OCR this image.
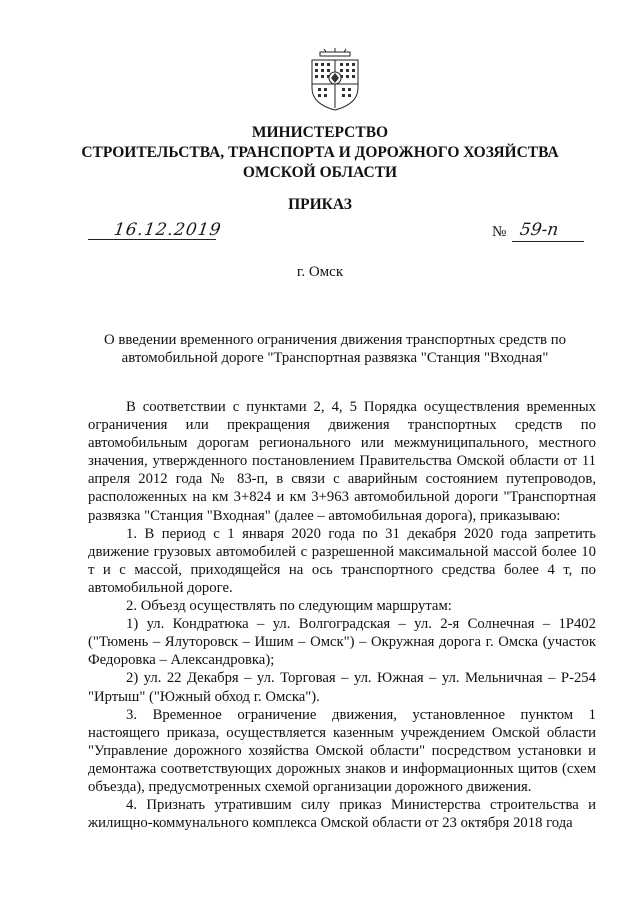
МИНИСТЕРСТВО
СТРОИТЕЛЬСТВА, ТРАНСПОРТА И ДОРОЖНОГО ХОЗЯЙСТВА
ОМСКОЙ ОБЛАСТИ
ПРИКАЗ
16.12.2019	№ 59-п
г. Омск
О введении временного ограничения движения транспортных средств по автомобильной дороге "Транспортная развязка "Станция "Входная"

В соответствии с пунктами 2, 4, 5 Порядка осуществления временных ограничения или прекращения движения транспортных средств по автомобильным дорогам регионального или межмуниципального, местного значения, утвержденного постановлением Правительства Омской области от 11 апреля 2012 года № 83-п, в связи с аварийным состоянием путепроводов, расположенных на км 3+824 и км 3+963 автомобильной дороги "Транспортная развязка "Станция "Входная" (далее – автомобильная дорога), приказываю:

1. В период с 1 января 2020 года по 31 декабря 2020 года запретить движение грузовых автомобилей с разрешенной максимальной массой более 10 т и с массой, приходящейся на ось транспортного средства более 4 т, по автомобильной дороге.

2. Объезд осуществлять по следующим маршрутам:

1) ул. Кондратюка – ул. Волгоградская – ул. 2-я Солнечная – 1Р402 ("Тюмень – Ялуторовск – Ишим – Омск") – Окружная дорога г. Омска (участок Федоровка – Александровка);

2) ул. 22 Декабря – ул. Торговая – ул. Южная – ул. Мельничная – Р-254 "Иртыш" ("Южный обход г. Омска").

3. Временное ограничение движения, установленное пунктом 1 настоящего приказа, осуществляется казенным учреждением Омской области "Управление дорожного хозяйства Омской области" посредством установки и демонтажа соответствующих дорожных знаков и информационных щитов (схем объезда), предусмотренных схемой организации дорожного движения.

4. Признать утратившим силу приказ Министерства строительства и жилищно-коммунального комплекса Омской области от 23 октября 2018 года
